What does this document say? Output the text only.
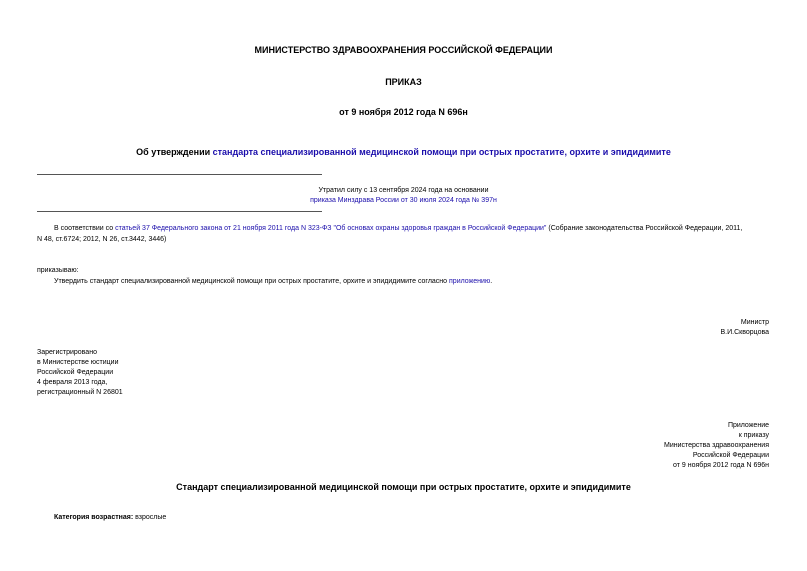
МИНИСТЕРСТВО ЗДРАВООХРАНЕНИЯ РОССИЙСКОЙ ФЕДЕРАЦИИ
ПРИКАЗ
от 9 ноября 2012 года N 696н
Об утверждении стандарта специализированной медицинской помощи при острых простатите, орхите и эпидидимите
Утратил силу с 13 сентября 2024 года на основании
приказа Минздрава России от 30 июля 2024 года № 397н
В соответствии со статьей 37 Федерального закона от 21 ноября 2011 года N 323-ФЗ "Об основах охраны здоровья граждан в Российской Федерации" (Собрание законодательства Российской Федерации, 2011,
N 48, ст.6724; 2012, N 26, ст.3442, 3446)
приказываю:
Утвердить стандарт специализированной медицинской помощи при острых простатите, орхите и эпидидимите согласно приложению.
Министр
В.И.Скворцова
Зарегистрировано
в Министерстве юстиции
Российской Федерации
4 февраля 2013 года,
регистрационный N 26801
Приложение
к приказу
Министерства здравоохранения
Российской Федерации
от 9 ноября 2012 года N 696н
Стандарт специализированной медицинской помощи при острых простатите, орхите и эпидидимите
Категория возрастная: взрослые
